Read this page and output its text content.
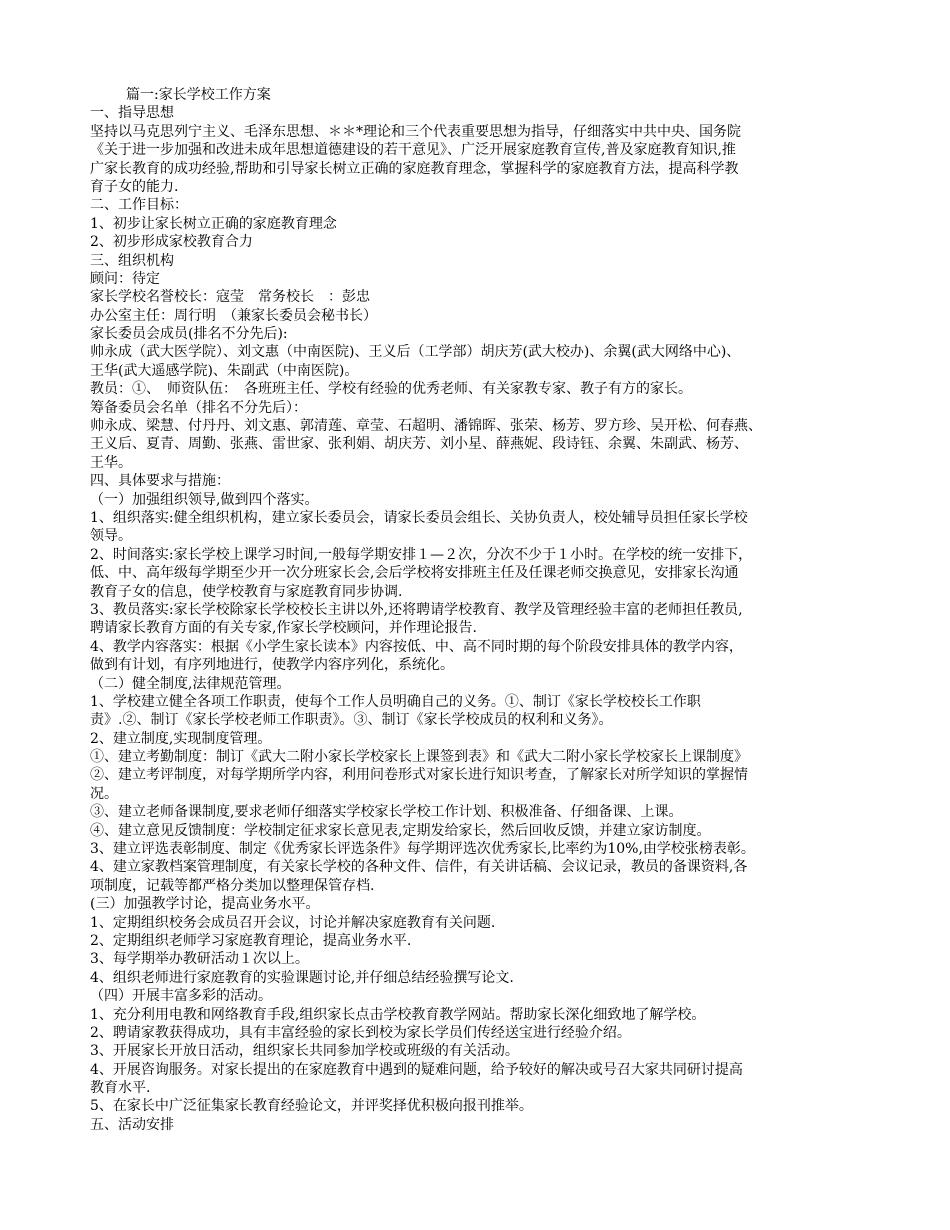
篇一:家长学校工作方案
一、指导思想
坚持以马克思列宁主义、毛泽东思想、＊＊*理论和三个代表重要思想为指导，仔细落实中共中央、国务院
《关于进一步加强和改进未成年思想道德建设的若干意见》、广泛开展家庭教育宣传,普及家庭教育知识,推
广家长教育的成功经验,帮助和引导家长树立正确的家庭教育理念，掌握科学的家庭教育方法，提高科学教
育子女的能力.
二、工作目标：
1、初步让家长树立正确的家庭教育理念
2、初步形成家校教育合力
三、组织机构
顾问：待定
家长学校名誉校长：寇莹　常务校长　：彭忠
办公室主任：周行明　（兼家长委员会秘书长）
家长委员会成员(排名不分先后):
帅永成（武大医学院）、刘文惠（中南医院)、王义后（工学部）胡庆芳(武大校办)、余翼(武大网络中心)、
王华(武大遥感学院)、朱副武（中南医院)。
教员：①、　师资队伍：　各班班主任、学校有经验的优秀老师、有关家教专家、教子有方的家长。
筹备委员会名单（排名不分先后）：
帅永成、梁慧、付丹丹、刘文惠、郭清莲、章莹、石超明、潘锦晖、张荣、杨芳、罗方珍、吴开松、何春燕、
王义后、夏青、周勤、张燕、雷世家、张利娟、胡庆芳、刘小星、薛燕妮、段诗钰、余翼、朱副武、杨芳、
王华。
四、具体要求与措施：
（一）加强组织领导,做到四个落实。
1、组织落实:健全组织机构，建立家长委员会，请家长委员会组长、关协负责人，校处辅导员担任家长学校
领导。
2、时间落实:家长学校上课学习时间,一般每学期安排１—２次，分次不少于１小时。在学校的统一安排下，
低、中、高年级每学期至少开一次分班家长会,会后学校将安排班主任及任课老师交换意见，安排家长沟通
教育子女的信息，使学校教育与家庭教育同步协调.
3、教员落实:家长学校除家长学校校长主讲以外,还将聘请学校教育、教学及管理经验丰富的老师担任教员,
聘请家长教育方面的有关专家,作家长学校顾问，并作理论报告.
4、教学内容落实：根据《小学生家长读本》内容按低、中、高不同时期的每个阶段安排具体的教学内容，
做到有计划，有序列地进行，使教学内容序列化，系统化。
（二）健全制度,法律规范管理。
1、学校建立健全各项工作职责，使每个工作人员明确自己的义务。①、制订《家长学校校长工作职
责》.②、制订《家长学校老师工作职责》。③、制订《家长学校成员的权利和义务》。
2、建立制度,实现制度管理。
①、建立考勤制度：制订《武大二附小家长学校家长上课签到表》和《武大二附小家长学校家长上课制度》
②、建立考评制度，对每学期所学内容，利用问卷形式对家长进行知识考查，了解家长对所学知识的掌握情
况。
③、建立老师备课制度,要求老师仔细落实学校家长学校工作计划、积极准备、仔细备课、上课。
④、建立意见反馈制度：学校制定征求家长意见表,定期发给家长，然后回收反馈，并建立家访制度。
3、建立评选表彰制度、制定《优秀家长评选条件》每学期评选次优秀家长,比率约为10%,由学校张榜表彰。
4、建立家教档案管理制度，有关家长学校的各种文件、信件，有关讲话稿、会议记录，教员的备课资料,各
项制度，记载等都严格分类加以整理保管存档.
(三）加强教学讨论，提高业务水平。
1、定期组织校务会成员召开会议，讨论并解决家庭教育有关问题.
2、定期组织老师学习家庭教育理论，提高业务水平.
3、每学期举办教研活动１次以上。
4、组织老师进行家庭教育的实验课题讨论,并仔细总结经验撰写论文.
（四）开展丰富多彩的活动。
1、充分利用电教和网络教育手段,组织家长点击学校教育教学网站。帮助家长深化细致地了解学校。
2、聘请家教获得成功，具有丰富经验的家长到校为家长学员们传经送宝进行经验介绍。
3、开展家长开放日活动，组织家长共同参加学校或班级的有关活动。
4、开展咨询服务。对家长提出的在家庭教育中遇到的疑难问题，给予较好的解决或号召大家共同研讨提高
教育水平.
5、在家长中广泛征集家长教育经验论文，并评奖择优积极向报刊推举。
五、活动安排
